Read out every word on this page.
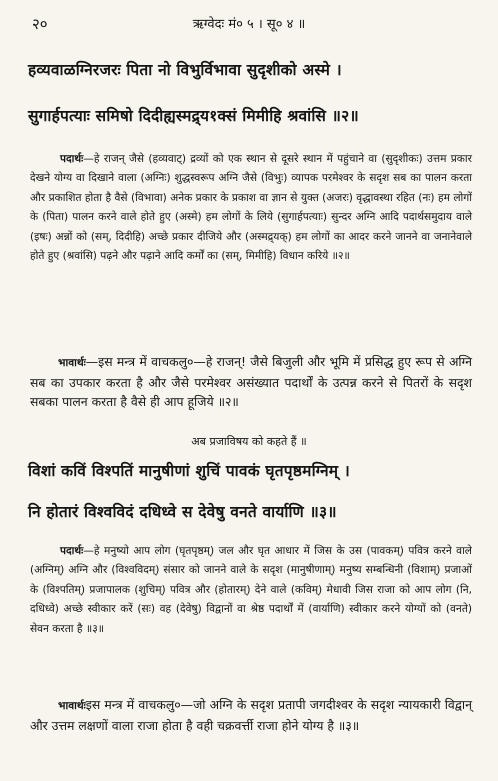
२०	ऋग्वेदः मं० ५ । सू० ४ ॥
हव्यवाळग्निरजरः पिता नो विभुर्विभावा सुदृशीको अस्मे ।
सुगार्हपत्याः समिषो दिदीह्यस्मद्र्य१क्सं मिमीहि श्रवांसि ॥२॥
पदार्थः—हे राजन् जैसे (हव्यवाट्) द्रव्यों को एक स्थान से दूसरे स्थान में पहुंचाने वा (सुदृशीकः) उत्तम प्रकार देखने योग्य वा दिखाने वाला (अग्निः) शुद्धस्वरूप अग्नि जैसे (विभुः) व्यापक परमेश्वर के सदृश सब का पालन करता और प्रकाशित होता है वैसे (विभावा) अनेक प्रकार के प्रकाश वा ज्ञान से युक्त (अजरः) वृद्धावस्था रहित (नः) हम लोगों के (पिता) पालन करने वाले होते हुए (अस्मे) हम लोगों के लिये (सुगार्हपत्याः) सुन्दर अग्नि आदि पदार्थसमुदाय वाले (इषः) अन्नों को (सम्, दिदीहि) अच्छे प्रकार दीजिये और (अस्मद्र्यक्) हम लोगों का आदर करने जानने वा जनानेवाले होते हुए (श्रवांसि) पढ़ने और पढ़ाने आदि कर्मों का (सम्, मिमीहि) विधान करिये ॥२॥
भावार्थः—इस मन्त्र में वाचकलु०—हे राजन्! जैसे बिजुली और भूमि में प्रसिद्ध हुए रूप से अग्नि सब का उपकार करता है और जैसे परमेश्वर असंख्यात पदार्थों के उत्पन्न करने से पितरों के सदृश सबका पालन करता है वैसे ही आप हूजिये ॥२॥
अब प्रजाविषय को कहते हैं ॥
विशां कविं विश्पतिं मानुषीणां शुचिं पावकं घृतपृष्ठमग्निम् ।
नि होतारं विश्वविदं दधिध्वे स देवेषु वनते वार्याणि ॥३॥
पदार्थः—हे मनुष्यो आप लोग (घृतपृष्ठम्) जल और घृत आधार में जिस के उस (पावकम्) पवित्र करने वाले (अग्निम्) अग्नि और (विश्वविदम्) संसार को जानने वाले के सदृश (मानुषीणाम्) मनुष्य सम्बन्धिनी (विशाम्) प्रजाओं के (विश्पतिम्) प्रजापालक (शुचिम्) पवित्र और (होतारम्) देने वाले (कविम्) मेधावी जिस राजा को आप लोग (नि, दधिध्वे) अच्छे स्वीकार करें (सः) वह (देवेषु) विद्वानों वा श्रेष्ठ पदार्थों में (वार्याणि) स्वीकार करने योग्यों को (वनते) सेवन करता है ॥३॥
भावार्थःइस मन्त्र में वाचकलु०—जो अग्नि के सदृश प्रतापी जगदीश्वर के सदृश न्यायकारी विद्वान् और उत्तम लक्षणों वाला राजा होता है वही चक्रवर्त्ती राजा होने योग्य है ॥३॥
